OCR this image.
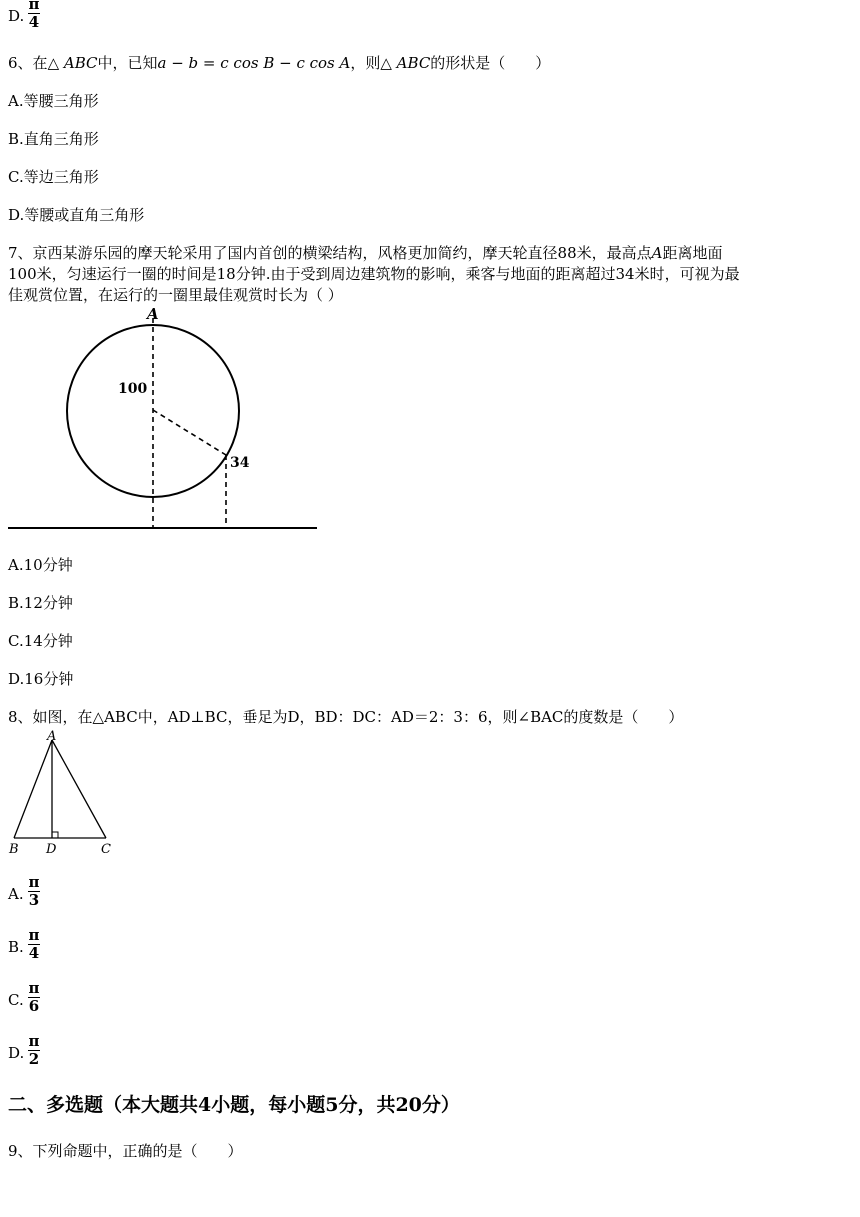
D.
π
4
6、在△ ABC中，已知a − b = c cos B − c cos A，则△ ABC的形状是（　　）
A.等腰三角形
B.直角三角形
C.等边三角形
D.等腰或直角三角形
7、京西某游乐园的摩天轮采用了国内首创的横梁结构，风格更加简约，摩天轮直径88米，最高点A距离地面
100米，匀速运行一圈的时间是18分钟.由于受到周边建筑物的影响，乘客与地面的距离超过34米时，可视为最
佳观赏位置，在运行的一圈里最佳观赏时长为（ ）
A
100
34
A.10分钟
B.12分钟
C.14分钟
D.16分钟
8、如图，在△ABC中，AD⊥BC，垂足为D，BD：DC：AD＝2：3：6，则∠BAC的度数是（　　）
A
B D	C
A.
π
3
B.
π
4
C.
π
6
D.
π
2
二、多选题（本大题共4小题，每小题5分，共20分）
9、下列命题中，正确的是（　　）
